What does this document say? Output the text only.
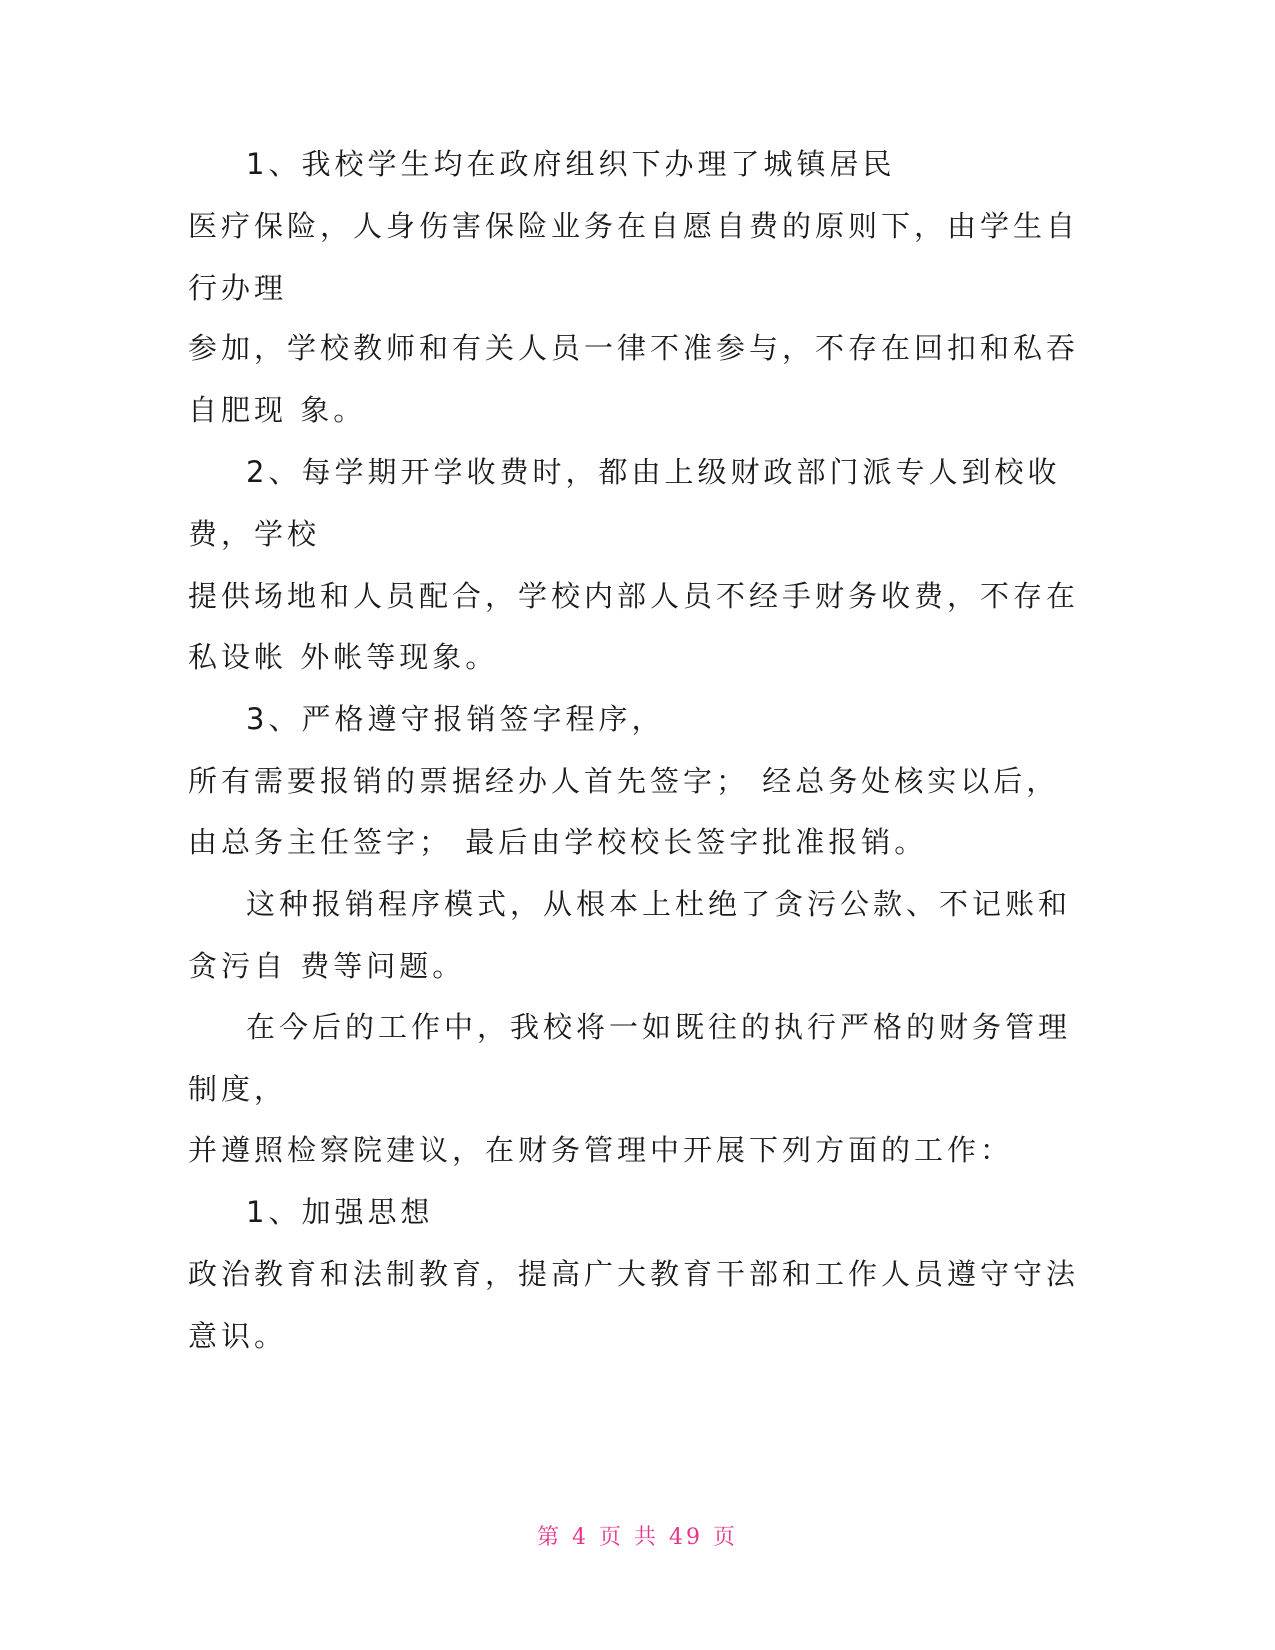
1、我校学生均在政府组织下办理了城镇居民

医疗保险，人身伤害保险业务在自愿自费的原则下，由学生自

行办理

参加，学校教师和有关人员一律不准参与，不存在回扣和私吞

自肥现 象。

2、每学期开学收费时，都由上级财政部门派专人到校收

费，学校

提供场地和人员配合，学校内部人员不经手财务收费，不存在

私设帐 外帐等现象。

3、严格遵守报销签字程序，

所有需要报销的票据经办人首先签字； 经总务处核实以后，

由总务主任签字； 最后由学校校长签字批准报销。

这种报销程序模式，从根本上杜绝了贪污公款、不记账和

贪污自 费等问题。

在今后的工作中，我校将一如既往的执行严格的财务管理

制度，

并遵照检察院建议，在财务管理中开展下列方面的工作：

1、加强思想

政治教育和法制教育，提高广大教育干部和工作人员遵守守法

意识。

第 4 页 共 49 页
